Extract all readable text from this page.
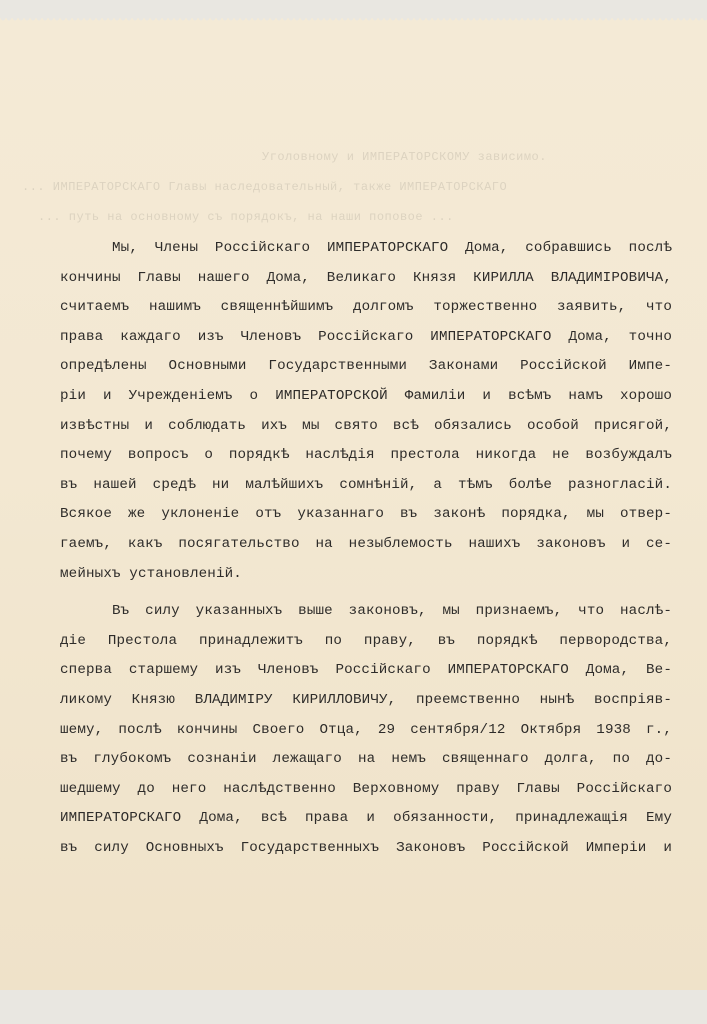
Уголовному и ИМПЕРАТОРСКОМУ зависимо.
... ИМПЕРАТОРСКАГО Главы наследовательный, также ИМПЕРАТОРСКАГО
... путь на основному съ порядокъ, на наши поповое ...
Мы, Члены Россійскаго ИМПЕРАТОРСКАГО Дома, собравшись послѣ
кончины Главы нашего Дома, Великаго Князя КИРИЛЛА ВЛАДИМІРОВИЧА,
считаемъ нашимъ священнѣйшимъ долгомъ торжественно заявить, что
права каждаго изъ Членовъ Россійскаго ИМПЕРАТОРСКАГО Дома, точно
опредѣлены Основными Государственными Законами Россійской Импе-
ріи и Учрежденіемъ о ИМПЕРАТОРСКОЙ Фамиліи и всѣмъ намъ хорошо
извѣстны и соблюдать ихъ мы свято всѣ обязались особой присягой,
почему вопросъ о порядкѣ наслѣдія престола никогда не возбуждалъ
въ нашей средѣ ни малѣйшихъ сомнѣній, а тѣмъ болѣе разногласій.
Всякое же уклоненіе отъ указаннаго въ законѣ порядка, мы отвер-
гаемъ, какъ посягательство на незыблемость нашихъ законовъ и се-
мейныхъ установленій.
Въ силу указанныхъ выше законовъ, мы признаемъ, что наслѣ-
діе Престола принадлежитъ по праву, въ порядкѣ первородства,
сперва старшему изъ Членовъ Россійскаго ИМПЕРАТОРСКАГО Дома, Ве-
ликому Князю ВЛАДИМІРУ КИРИЛЛОВИЧУ, преемственно нынѣ воспріяв-
шему, послѣ кончины Своего Отца, 29 сентября/12 Октября 1938 г.,
въ глубокомъ сознаніи лежащаго на немъ священнаго долга, по до-
шедшему до него наслѣдственно Верховному праву Главы Россійскаго
ИМПЕРАТОРСКАГО Дома, всѣ права и обязанности, принадлежащія Ему
въ силу Основныхъ Государственныхъ Законовъ Россійской Имперіи и
